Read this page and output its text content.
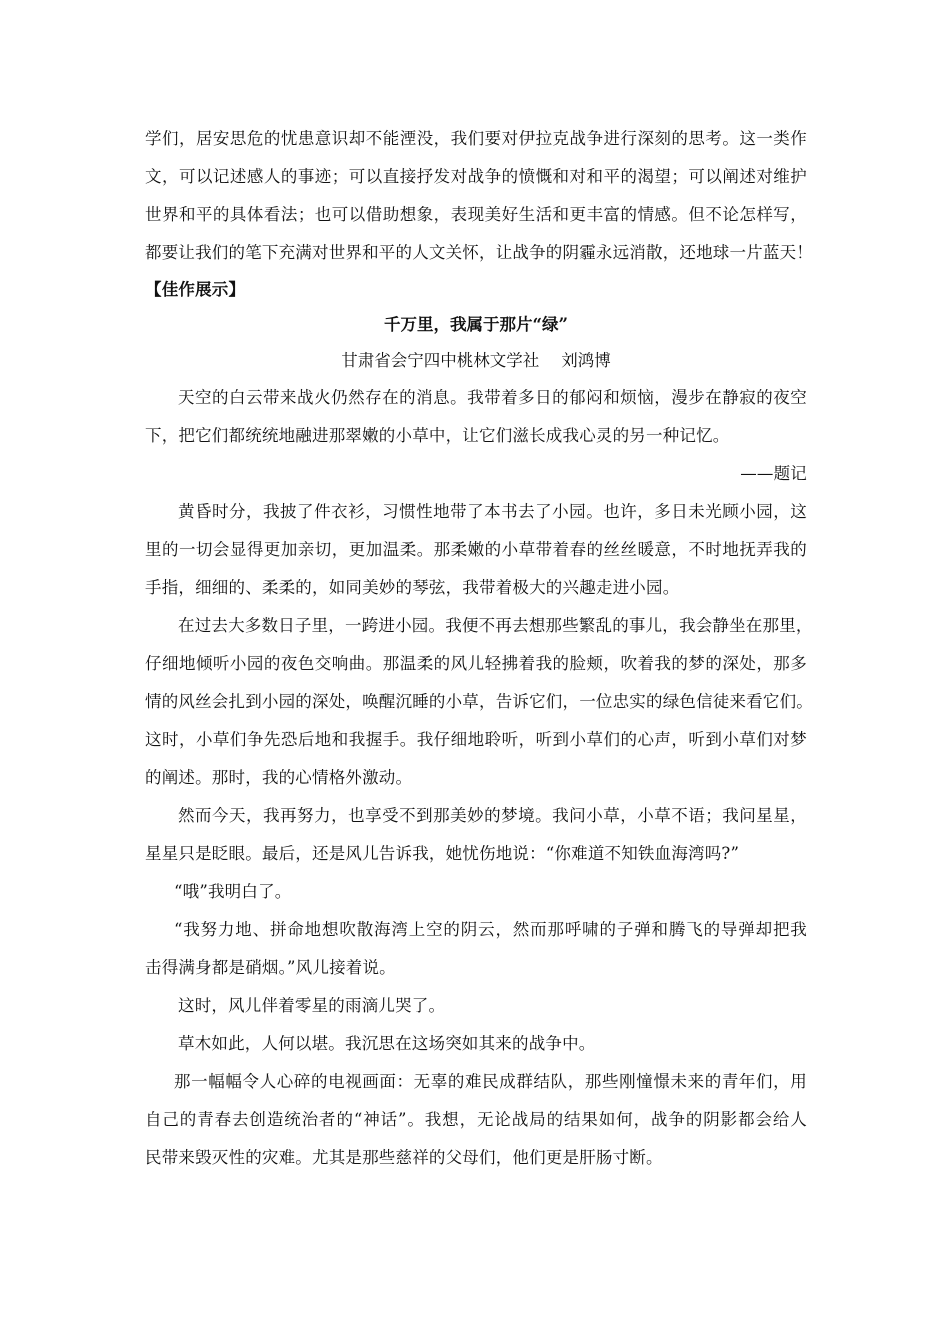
学们，居安思危的忧患意识却不能湮没，我们要对伊拉克战争进行深刻的思考。这一类作
文，可以记述感人的事迹；可以直接抒发对战争的愤慨和对和平的渴望；可以阐述对维护
世界和平的具体看法；也可以借助想象，表现美好生活和更丰富的情感。但不论怎样写，
都要让我们的笔下充满对世界和平的人文关怀，让战争的阴霾永远消散，还地球一片蓝天！
【佳作展示】
千万里，我属于那片“绿”
甘肃省会宁四中桃林文学社 刘鸿博
天空的白云带来战火仍然存在的消息。我带着多日的郁闷和烦恼，漫步在静寂的夜空
下，把它们都统统地融进那翠嫩的小草中，让它们滋长成我心灵的另一种记忆。
——题记
黄昏时分，我披了件衣衫，习惯性地带了本书去了小园。也许，多日未光顾小园，这
里的一切会显得更加亲切，更加温柔。那柔嫩的小草带着春的丝丝暖意，不时地抚弄我的
手指，细细的、柔柔的，如同美妙的琴弦，我带着极大的兴趣走进小园。
在过去大多数日子里，一跨进小园。我便不再去想那些繁乱的事儿，我会静坐在那里，
仔细地倾听小园的夜色交响曲。那温柔的风儿轻拂着我的脸颊，吹着我的梦的深处，那多
情的风丝会扎到小园的深处，唤醒沉睡的小草，告诉它们，一位忠实的绿色信徒来看它们。
这时，小草们争先恐后地和我握手。我仔细地聆听，听到小草们的心声，听到小草们对梦
的阐述。那时，我的心情格外激动。
然而今天，我再努力，也享受不到那美妙的梦境。我问小草，小草不语；我问星星，
星星只是眨眼。最后，还是风儿告诉我，她忧伤地说：“你难道不知铁血海湾吗?”
“哦”我明白了。
“我努力地、拼命地想吹散海湾上空的阴云，然而那呼啸的子弹和腾飞的导弹却把我
击得满身都是硝烟。”风儿接着说。
这时，风儿伴着零星的雨滴儿哭了。
草木如此，人何以堪。我沉思在这场突如其来的战争中。
那一幅幅令人心碎的电视画面：无辜的难民成群结队，那些刚憧憬未来的青年们，用
自己的青春去创造统治者的“神话”。我想，无论战局的结果如何，战争的阴影都会给人
民带来毁灭性的灾难。尤其是那些慈祥的父母们，他们更是肝肠寸断。
